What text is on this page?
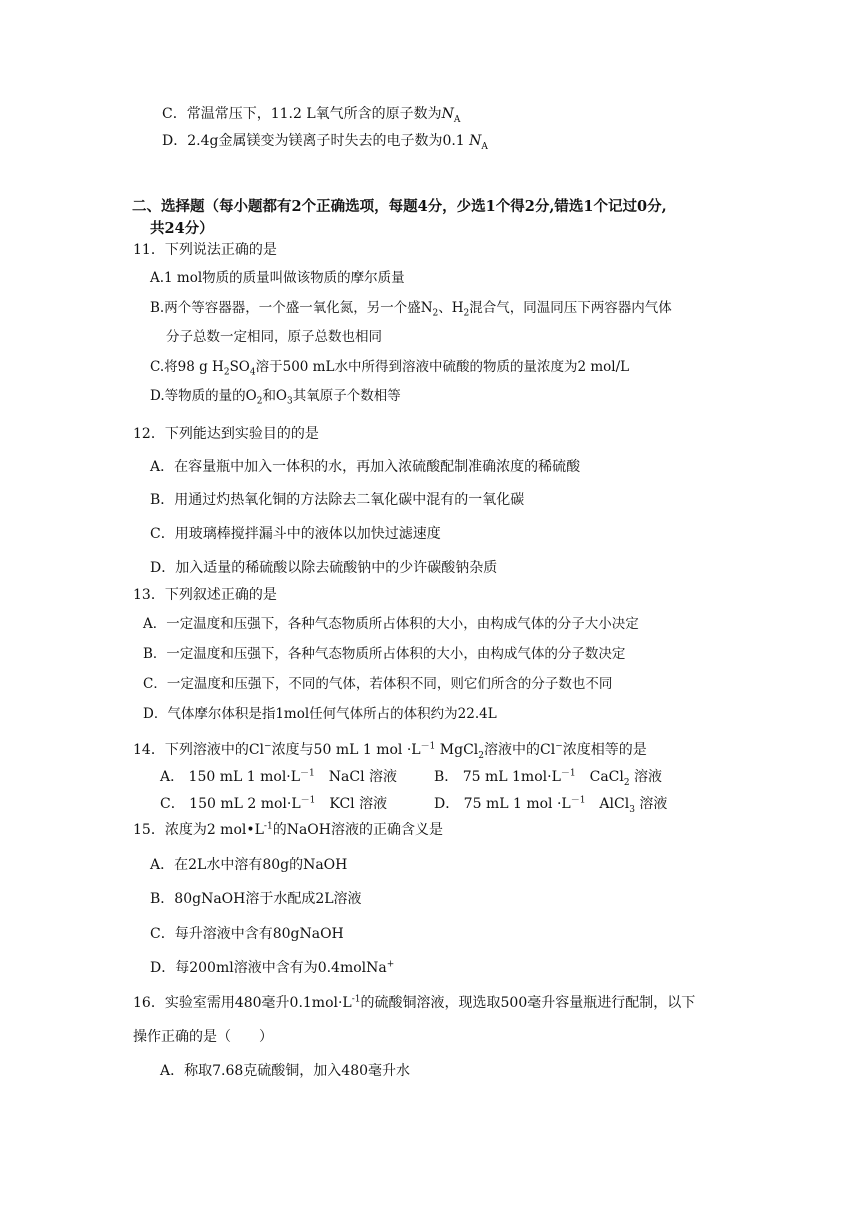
C．常温常压下，11.2 L氧气所含的原子数为$N_A$
D．2.4g金属镁变为镁离子时失去的电子数为0.1 $N_A$
二、选择题（每小题都有2个正确选项，每题4分，少选1个得2分,错选1个记过0分,
共24分）
11．下列说法正确的是
A.1 mol物质的质量叫做该物质的摩尔质量
B.两个等容器器，一个盛一氧化氮，另一个盛$N_2$、$H_2$混合气，同温同压下两容器内气体
分子总数一定相同，原子总数也相同
C.将98 g $H_2SO_4$溶于500 mL水中所得到溶液中硫酸的物质的量浓度为2 mol/L
D.等物质的量的$O_2$和$O_3$其氧原子个数相等
12．下列能达到实验目的的是
A．在容量瓶中加入一体积的水，再加入浓硫酸配制准确浓度的稀硫酸
B．用通过灼热氧化铜的方法除去二氧化碳中混有的一氧化碳
C．用玻璃棒搅拌漏斗中的液体以加快过滤速度
D．加入适量的稀硫酸以除去硫酸钠中的少许碳酸钠杂质
13．下列叙述正确的是
A．一定温度和压强下，各种气态物质所占体积的大小，由构成气体的分子大小决定
B．一定温度和压强下，各种气态物质所占体积的大小，由构成气体的分子数决定
C．一定温度和压强下，不同的气体，若体积不同，则它们所含的分子数也不同
D．气体摩尔体积是指1mol任何气体所占的体积约为22.4L
14．下列溶液中的Cl−浓度与50 mL 1 mol $\cdot L^{-1}$ MgCl$_2$溶液中的Cl−浓度相等的是
A． 150 mL 1 $mol\cdot L^{-1}$　NaCl 溶液	B． 75 mL $1mol\cdot L^{-1}$　CaCl$_2$ 溶液
C． 150 mL 2 $mol\cdot L^{-1}$　KCl 溶液	D． 75 mL 1 mol $\cdot L^{-1}$　AlCl$_3$ 溶液
15．浓度为2 $mol•L^{-1}$的NaOH溶液的正确含义是
A．在2L水中溶有80g的NaOH
B．80gNaOH溶于水配成2L溶液
C．每升溶液中含有80gNaOH
D．每200ml溶液中含有为0.4molNa+
16．实验室需用480毫升$0.1mol\cdot L^{-1}$的硫酸铜溶液，现选取500毫升容量瓶进行配制，以下
操作正确的是（　　）
A．称取7.68克硫酸铜，加入480毫升水
